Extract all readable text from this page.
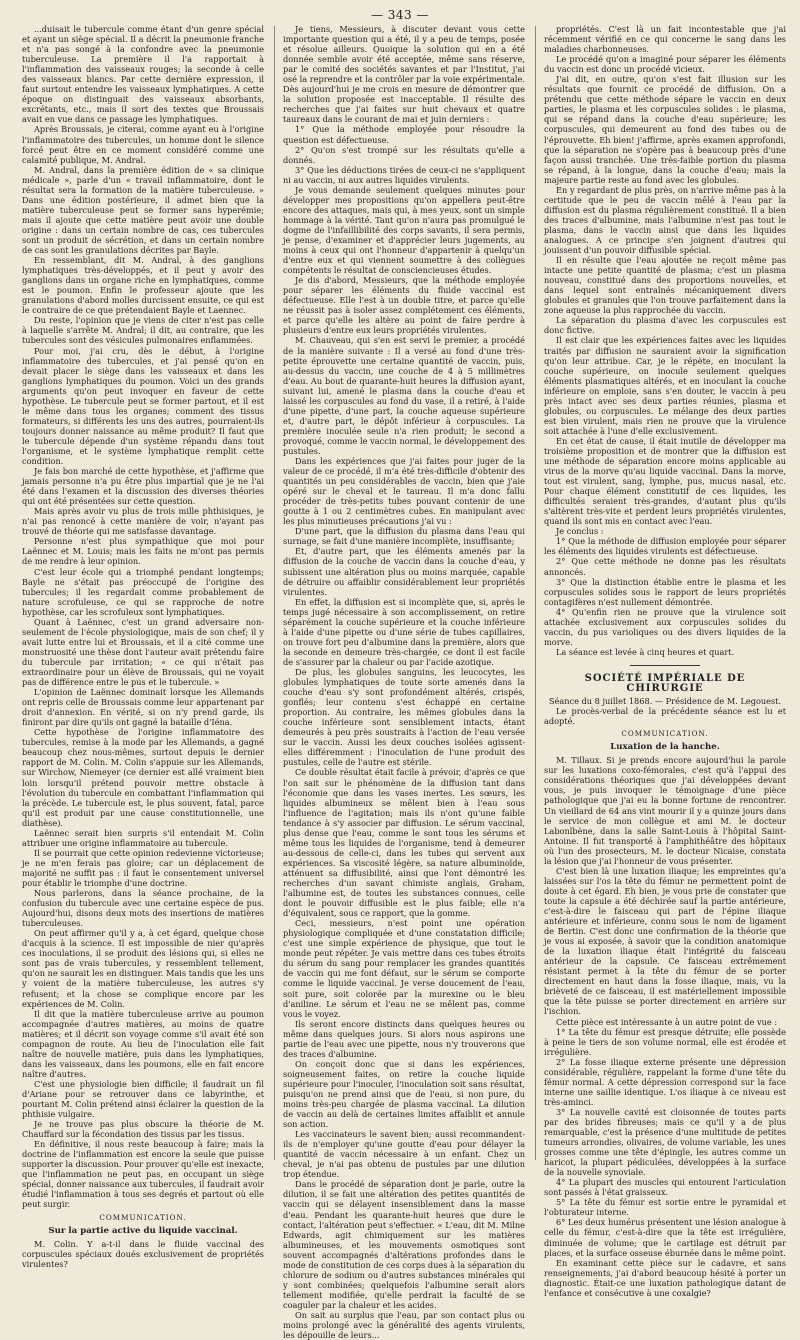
— 343 —

...duisait le tubercule comme étant d'un genre spécial et ayant un siège spécial. Il a décrit la pneumonie franche et n'a pas songé à la confondre avec la pneumonie tuberculeuse. La première il l'a rapportait à l'inflammation des vaisseaux rouges; la seconde à celle des vaisseaux blancs. Par cette dernière expression, il faut surtout entendre les vaisseaux lymphatiques. A cette époque on distinguait des vaisseaux absorbants, excrétants, etc., mais il sort des textes que Broussais avait en vue dans ce passage les lymphatiques.

Après Broussais, je citerai, comme ayant eu à l'origine l'inflammatoire des tubercules, un homme dont le silence forcé peut être en ce moment considéré comme une calamité publique, M. Andral.

M. Andral, dans la première édition de « sa clinique médicale », parle d'un « travail inflammatoire, dont le résultat sera la formation de la matière tuberculeuse. » Dans une édition postérieure, il admet bien que la matière tuberculeuse peut se former sans hyperémie; mais il ajoute que cette matière peut avoir une double origine : dans un certain nombre de cas, ces tubercules sont un produit de sécrétion, et dans un certain nombre de cas sont les granulations décrites par Bayle.

En ressemblant, dit M. Andral, à des ganglions lymphatiques très-développés, et il peut y avoir des ganglions dans un organe riche en lymphatiques, comme est le poumon. Enfin le professeur ajoute que les granulations d'abord molles durcissent ensuite, ce qui est le contraire de ce que prétendaient Bayle et Laennec.

Du reste, l'opinion que je viens de citer n'est pas celle à laquelle s'arrête M. Andral; il dit, au contraire, que les tubercules sont des vésicules pulmonaires enflammées.

Pour moi, j'ai cru, dès le début, à l'origine inflammatoire des tubercules, et j'ai pensé qu'on en devait placer le siège dans les vaisseaux et dans les ganglions lymphatiques du poumon. Voici un des grands arguments qu'on peut invoquer en faveur de cette hypothèse. Le tubercule peut se former partout, et il est le même dans tous les organes; comment des tissus formateurs, si différents les uns des autres, pourraient-ils toujours donner naissance au même produit? Il faut que le tubercule dépende d'un système répandu dans tout l'organisme, et le système lymphatique remplit cette condition.

Je fais bon marché de cette hypothèse, et j'affirme que jamais personne n'a pu être plus impartial que je ne l'ai été dans l'examen et la discussion des diverses théories qui ont été présentées sur cette question.

Mais après avoir vu plus de trois mille phthisiques, je n'ai pas renoncé à cette manière de voir, n'ayant pas trouvé de théorie qui me satisfasse davantage.

Personne n'est plus sympathique que moi pour Laënnec et M. Louis; mais les faits ne m'ont pas permis de me rendre à leur opinion.

C'est leur école qui a triomphé pendant longtemps; Bayle ne s'était pas préoccupé de l'origine des tubercules; il les regardait comme probablement de nature scrofuleuse, ce qui se rapproche de notre hypothèse, car les scrofuleux sont lymphatiques.

Quant à Laënnec, c'est un grand adversaire non-seulement de l'école physiologique, mais de son chef; il y avait lutte entre lui et Broussais, et il a cité comme une monstruosité une thèse dont l'auteur avait prétendu faire du tubercule par irritation; « ce qui n'était pas extraordinaire pour un élève de Broussais, qui ne voyait pas de différence entre le pus et le tubercule. »

L'opinion de Laënnec dominait lorsque les Allemands ont repris celle de Broussais comme leur appartenant par droit d'annexion. En vérité, si on n'y prend garde, ils finiront par dire qu'ils ont gagné la bataille d'Iéna.

Cette hypothèse de l'origine inflammatoire des tubercules, remise à la mode par les Allemands, a gagné beaucoup chez nous-mêmes, surtout depuis le dernier rapport de M. Colin. M. Colin s'appuie sur les Allemands, sur Wirchow, Niemeyer (ce dernier est allé vraiment bien loin lorsqu'il prétend pouvoir mettre obstacle à l'évolution du tubercule en combattant l'inflammation qui la précède. Le tubercule est, le plus souvent, fatal, parce qu'il est produit par une cause constitutionnelle, une diathèse).

Laënnec serait bien surpris s'il entendait M. Colin attribuer une origine inflammatoire au tubercule.

Il se pourrait que cette opinion redevienne victorieuse; je ne m'en ferais pas gloire; car un déplacement de majorité ne suffit pas : il faut le consentement universel pour établir le triomphe d'une doctrine.

Nous parlerons, dans la séance prochaine, de la confusion du tubercule avec une certaine espèce de pus. Aujourd'hui, disons deux mots des insertions de matières tuberculeuses.

On peut affirmer qu'il y a, à cet égard, quelque chose d'acquis à la science. Il est impossible de nier qu'après ces inoculations, il se produit des lésions qui, si elles ne sont pas de vrais tubercules, y ressemblent tellement, qu'on ne saurait les en distinguer. Mais tandis que les uns y voient de la matière tuberculeuse, les autres s'y refusent; et la chose se complique encore par les expériences de M. Colin.

Il dit que la matière tuberculeuse arrive au poumon accompagnée d'autres matières, au moins de quatre matières; et il décrit son voyage comme s'il avait été son compagnon de route. Au lieu de l'inoculation elle fait naître de nouvelle matière, puis dans les lymphatiques, dans les vaisseaux, dans les poumons, elle en fait encore naître d'autres.

C'est une physiologie bien difficile; il faudrait un fil d'Ariane pour se retrouver dans ce labyrinthe, et pourtant M. Colin prétend ainsi éclairer la question de la phthisie vulgaire.

Je ne trouve pas plus obscure la théorie de M. Chauffard sur la fécondation des tissus par les tissus.

En définitive, il nous reste beaucoup à faire; mais la doctrine de l'inflammation est encore la seule que puisse supporter la discussion. Pour prouver qu'elle est inexacte, que l'inflammation ne peut pas, en occupant un siège spécial, donner naissance aux tubercules, il faudrait avoir étudié l'inflammation à tous ses degrés et partout où elle peut surgir.

COMMUNICATION.
Sur la partie active du liquide vaccinal.

M. Colin. Y a-t-il dans le fluide vaccinal des corpuscules spéciaux doués exclusivement de propriétés virulentes?

Je tiens, Messieurs, à discuter devant vous cette importante question qui a été, il y a peu de temps, posée et résolue ailleurs. Quoique la solution qui en a été donnée semble avoir été acceptée, même sans réserve, par le comité des sociétés savantes et par l'Institut, j'ai osé la reprendre et la contrôler par la voie expérimentale. Dès aujourd'hui je me crois en mesure de démontrer que la solution proposée est inacceptable. Il résulte des recherches que j'ai faites sur huit chevaux et quatre taureaux dans le courant de mai et juin derniers :

1° Que la méthode employée pour résoudre la question est défectueuse.

2° Qu'on s'est trompé sur les résultats qu'elle a donnés.

3° Que les déductions tirées de ceux-ci ne s'appliquent ni au vaccin, ni aux autres liquides virulents.

Je vous demande seulement quelques minutes pour développer mes propositions qu'on appellera peut-être encore des attaques, mais qui, à mes yeux, sont un simple hommage à la vérité. Tant qu'on n'aura pas promulgué le dogme de l'infaillibilité des corps savants, il sera permis, je pense, d'examiner et d'apprécier leurs jugements, au moins à ceux qui ont l'honneur d'appartenir à quelqu'un d'entre eux et qui viennent soumettre à des collègues compétents le résultat de consciencieuses études.

Je dis d'abord, Messieurs, que la méthode employée pour séparer les éléments du fluide vaccinal est défectueuse. Elle l'est à un double titre, et parce qu'elle ne réussit pas à isoler assez complétement ces éléments, et parce qu'elle les altère au point de faire perdre à plusieurs d'entre eux leurs propriétés virulentes.

M. Chauveau, qui s'en est servi le premier, a procédé de la manière suivante : Il a versé au fond d'une très-petite éprouvette une certaine quantité de vaccin, puis, au-dessus du vaccin, une couche de 4 à 5 millimètres d'eau. Au bout de quarante-huit heures la diffusion ayant, suivant lui, amené le plasma dans la couche d'eau et laissé les corpuscules au fond du vase, il a retiré, à l'aide d'une pipette, d'une part, la couche aqueuse supérieure et, d'autre part, le dépôt inférieur à corpuscules. La première inoculée seule n'a rien produit; le second a provoqué, comme le vaccin normal, le développement des pustules.

Dans les expériences que j'ai faites pour juger de la valeur de ce procédé, il m'a été très-difficile d'obtenir des quantités un peu considérables de vaccin, bien que j'aie opéré sur le cheval et le taureau. Il m'a donc fallu procéder de très-petits tubes pouvant contenir de une goutte à 1 ou 2 centimètres cubes. En manipulant avec les plus minutieuses précautions j'ai vu :

D'une part, que la diffusion du plasma dans l'eau qui surnage, se fait d'une manière incomplète, insuffisante;

Et, d'autre part, que les éléments amenés par la diffusion de la couche de vaccin dans la couche d'eau, y subissent une altération plus ou moins marquée, capable de détruire ou affaiblir considérablement leur propriétés virulentes.

En effet, la diffusion est si incomplète que, si, après le temps jugé nécessaire à son accomplissement, on retire séparément la couche supérieure et la couche inférieure à l'aide d'une pipette ou d'une série de tubes capillaires, on trouve fort peu d'albumine dans la première, alors que la seconde en demeure très-chargée, ce dont il est facile de s'assurer par la chaleur ou par l'acide azotique.

De plus, les globules sanguins, les leucocytes, les globules lymphatiques de toute sorte amenés dans la couche d'eau s'y sont profondément altérés, crispés, gonflés; leur contenu s'est échappé en certaine proportion. Au contraire, les mêmes globules dans la couche inférieure sont sensiblement intacts, étant demeurés à peu près soustraits à l'action de l'eau versée sur le vaccin. Aussi les deux couches isolées agissent-elles différemment : l'inoculation de l'une produit des pustules, celle de l'autre est stérile.

Ce double résultat était facile à prévoir, d'après ce que l'on sait sur le phénomène de la diffusion tant dans l'économie que dans les vases inertes. Les sœurs, les liquides albumineux se mêlent bien à l'eau sous l'influence de l'agitation; mais ils n'ont qu'une faible tendance à s'y associer par diffusion. Le sérum vaccinal, plus dense que l'eau, comme le sont tous les sérums et même tous les liquides de l'organisme, tend à demeurer au-dessous de celle-ci, dans les tubes qui servent aux expériences. Sa viscosité légère, sa nature albuminoïde, atténuent sa diffusibilité, ainsi que l'ont démontré les recherches d'un savant chimiste anglais, Graham, l'albumine est, de toutes les substances connues, celle dont le pouvoir diffusible est le plus faible; elle n'a d'équivalent, sous ce rapport, que la gomme.

Ceci, messieurs, n'est point une opération physiologique compliquée et d'une constatation difficile; c'est une simple expérience de physique, que tout le monde peut répéter. Je vais mettre dans ces tubes étroits du sérum du sang pour remplacer les grandes quantités de vaccin qui me font défaut, sur le sérum se comporte comme le liquide vaccinal. Je verse doucement de l'eau, soit pure, soit colorée par la murexine ou le bleu d'aniline. Le sérum et l'eau ne se mêlent pas, comme vous le voyez.

Ils seront encore distincts dans quelques heures ou même dans quelques jours. Si alors nous aspirons une partie de l'eau avec une pipette, nous n'y trouverons que des traces d'albumine.

On conçoit donc que si dans les expériences, soigneusement faites, on retire la couche liquide supérieure pour l'inoculer, l'inoculation soit sans résultat, puisqu'on ne prend ainsi que de l'eau, si non pure, du moins très-peu chargée de plasma vaccinal. La dilution de vaccin au delà de certaines limites affaiblit et annule son action.

Les vaccinateurs le savent bien; aussi recommandent-ils de n'employer qu'une goutte d'eau pour délayer la quantité de vaccin nécessaire à un enfant. Chez un cheval, je n'ai pas obtenu de pustules par une dilution trop étendue.

Dans le procédé de séparation dont je parle, outre la dilution, il se fait une altération des petites quantités de vaccin qui se délayent insensiblement dans la masse d'eau. Pendant les quarante-huit heures que dure le contact, l'altération peut s'effectuer. « L'eau, dit M. Milne Edwards, agit chimiquement sur les matières albumineuses, et les mouvements osmotiques sont souvent accompagnés d'altérations profondes dans le mode de constitution de ces corps dues à la séparation du chlorure de sodium ou d'autres substances minérales qui y sont combinées; quelquefois l'albumine serait alors tellement modifiée, qu'elle perdrait la faculté de se coaguler par la chaleur et les acides.

On sait au surplus que l'eau, par son contact plus ou moins prolongé avec la généralité des agents virulents, les dépouille de leurs...

propriétés. C'est là un fait incontestable que j'ai récemment vérifié en ce qui concerne le sang dans les maladies charbonneuses.

Le procédé qu'on a imaginé pour séparer les éléments du vaccin est donc un procédé vicieux.

J'ai dit, en outre, qu'on s'est fait illusion sur les résultats que fournit ce procédé de diffusion. On a prétendu que cette méthode sépare le vaccin en deux parties, le plasma et les corpuscules solides : le plasma, qui se répand dans la couche d'eau supérieure; les corpuscules, qui demeurent au fond des tubes ou de l'éprouvette. Eh bien! j'affirme, après examen approfondi, que la séparation ne s'opère pas à beaucoup près d'une façon aussi tranchée. Une très-faible portion du plasma se répand, à la longue, dans la couche d'eau; mais la majeure partie reste au fond avec les globules.

En y regardant de plus près, on n'arrive même pas à la certitude que le peu de vaccin mêlé à l'eau par la diffusion est du plasma régulièrement constitué. Il a bien des traces d'albumine, mais l'albumine n'est pas tout le plasma, dans le vaccin ainsi que dans les liquides analogues. A ce principe s'en joignent d'autres qui jouissent d'un pouvoir diffusible spécial.

Il en résulte que l'eau ajoutée ne reçoit même pas intacte une petite quantité de plasma; c'est un plasma nouveau, constitué dans des proportions nouvelles, et dans lequel sont entraînés mécaniquement divers globules et granules que l'on trouve parfaitement dans la zone aqueuse la plus rapprochée du vaccin.

La séparation du plasma d'avec les corpuscules est donc fictive.

Il est clair que les expériences faites avec les liquides traités par diffusion ne sauraient avoir la signification qu'on leur attribue. Car, je le répète, en inoculant la couche supérieure, on inocule seulement quelques éléments plasmatiques altérés, et en inoculant la couche inférieure on emploie, sans s'en douter, le vaccin à peu près intact avec ses deux parties réunies, plasma et globules, ou corpuscules. Le mélange des deux parties est bien virulent, mais rien ne prouve que la virulence soit attachée à l'une d'elle exclusivement.

En cet état de cause, il était inutile de développer ma troisième proposition et de montrer que la diffusion est une méthode de séparation encore moins applicable au virus de la morve qu'au liquide vaccinal. Dans la morve, tout est virulent, sang, lymphe, pus, mucus nasal, etc. Pour chaque élément constitutif de ces liquides, les difficultés seraient très-grandes, d'autant plus qu'ils s'altèrent très-vite et perdent leurs propriétés virulentes, quand ils sont mis en contact avec l'eau.

Je conclus :

1° Que la méthode de diffusion employée pour séparer les éléments des liquides virulents est défectueuse.

2° Que cette méthode ne donne pas les résultats annoncés.

3° Que la distinction établie entre le plasma et les corpuscules solides sous le rapport de leurs propriétés contagifères n'est nullement démontrée.

4° Qu'enfin rien ne prouve que la virulence soit attachée exclusivement aux corpuscules solides du vaccin, du pus varioliques ou des divers liquides de la morve.

La séance est levée à cinq heures et quart.

SOCIÉTÉ IMPÉRIALE DE CHIRURGIE

Séance du 8 juillet 1868. — Présidence de M. Legouest.

Le procès-verbal de la précédente séance est lu et adopté.

COMMUNICATION.
Luxation de la hanche.

M. Tillaux. Si je prends encore aujourd'hui la parole sur les luxations coxo-fémorales, c'est qu'à l'appui des considérations théoriques que j'ai développées devant vous, je puis invoquer le témoignage d'une pièce pathologique que j'ai eu la bonne fortune de rencontrer. Un vieillard de 64 ans vint mourir il y a quinze jours dans le service de mon collègue et ami M. le docteur Labonlbène, dans la salle Saint-Louis à l'hôpital Saint-Antoine. Il fut transporté à l'amphithéâtre des hôpitaux où l'un des prosecteurs, M. le docteur Nicaise, constata la lésion que j'ai l'honneur de vous présenter.

C'est bien là une luxation iliaque; les empreintes qu'a laissées sur l'os la tête du fémur ne permettent point de doute à cet égard. Eh bien, je vous prie de constater que toute la capsule a été déchirée sauf la partie antérieure, c'est-à-dire le faisceau qui part de l'épine iliaque antérieure et inférieure, connu sous le nom de ligament de Bertin. C'est donc une confirmation de la théorie que je vous ai exposée, à savoir que la condition anatomique de la luxation iliaque était l'intégrité du faisceau antérieur de la capsule. Ce faisceau extrêmement résistant permet à la tête du fémur de se porter directement en haut dans la fosse iliaque, mais, vu la brièveté de ce faisceau, il est matériellement impossible que la tête puisse se porter directement en arrière sur l'ischion.

Cette pièce est intéressante à un autre point de vue :

1° La tête du fémur est presque détruite; elle possède à peine le tiers de son volume normal, elle est érodée et irrégulière.

2° La fosse iliaque externe présente une dépression considérable, régulière, rappelant la forme d'une tête du fémur normal. A cette dépression correspond sur la face interne une saillie identique. L'os iliaque à ce niveau est très-aminci.

3° La nouvelle cavité est cloisonnée de toutes parts par des brides fibreuses; mais ce qu'il y a de plus remarquable, c'est la présence d'une multitude de petites tumeurs arrondies, olivaires, de volume variable, les unes grosses comme une tête d'épingle, les autres comme un haricot, la plupart pédiculées, développées à la surface de la nouvelle synoviale.

4° La plupart des muscles qui entourent l'articulation sont passés à l'état graisseux.

5° La tête du fémur est sortie entre le pyramidal et l'obturateur interne.

6° Les deux humérus présentent une lésion analogue à celle du fémur, c'est-à-dire que la tête est irrégulière, diminuée de volume; que le cartilage est détruit par places, et la surface osseuse éburnée dans le même point.

En examinant cette pièce sur le cadavre, et sans renseignements, j'ai d'abord beaucoup hésité à porter un diagnostic. Était-ce une luxation pathologique datant de l'enfance et consécutive à une coxalgie?
